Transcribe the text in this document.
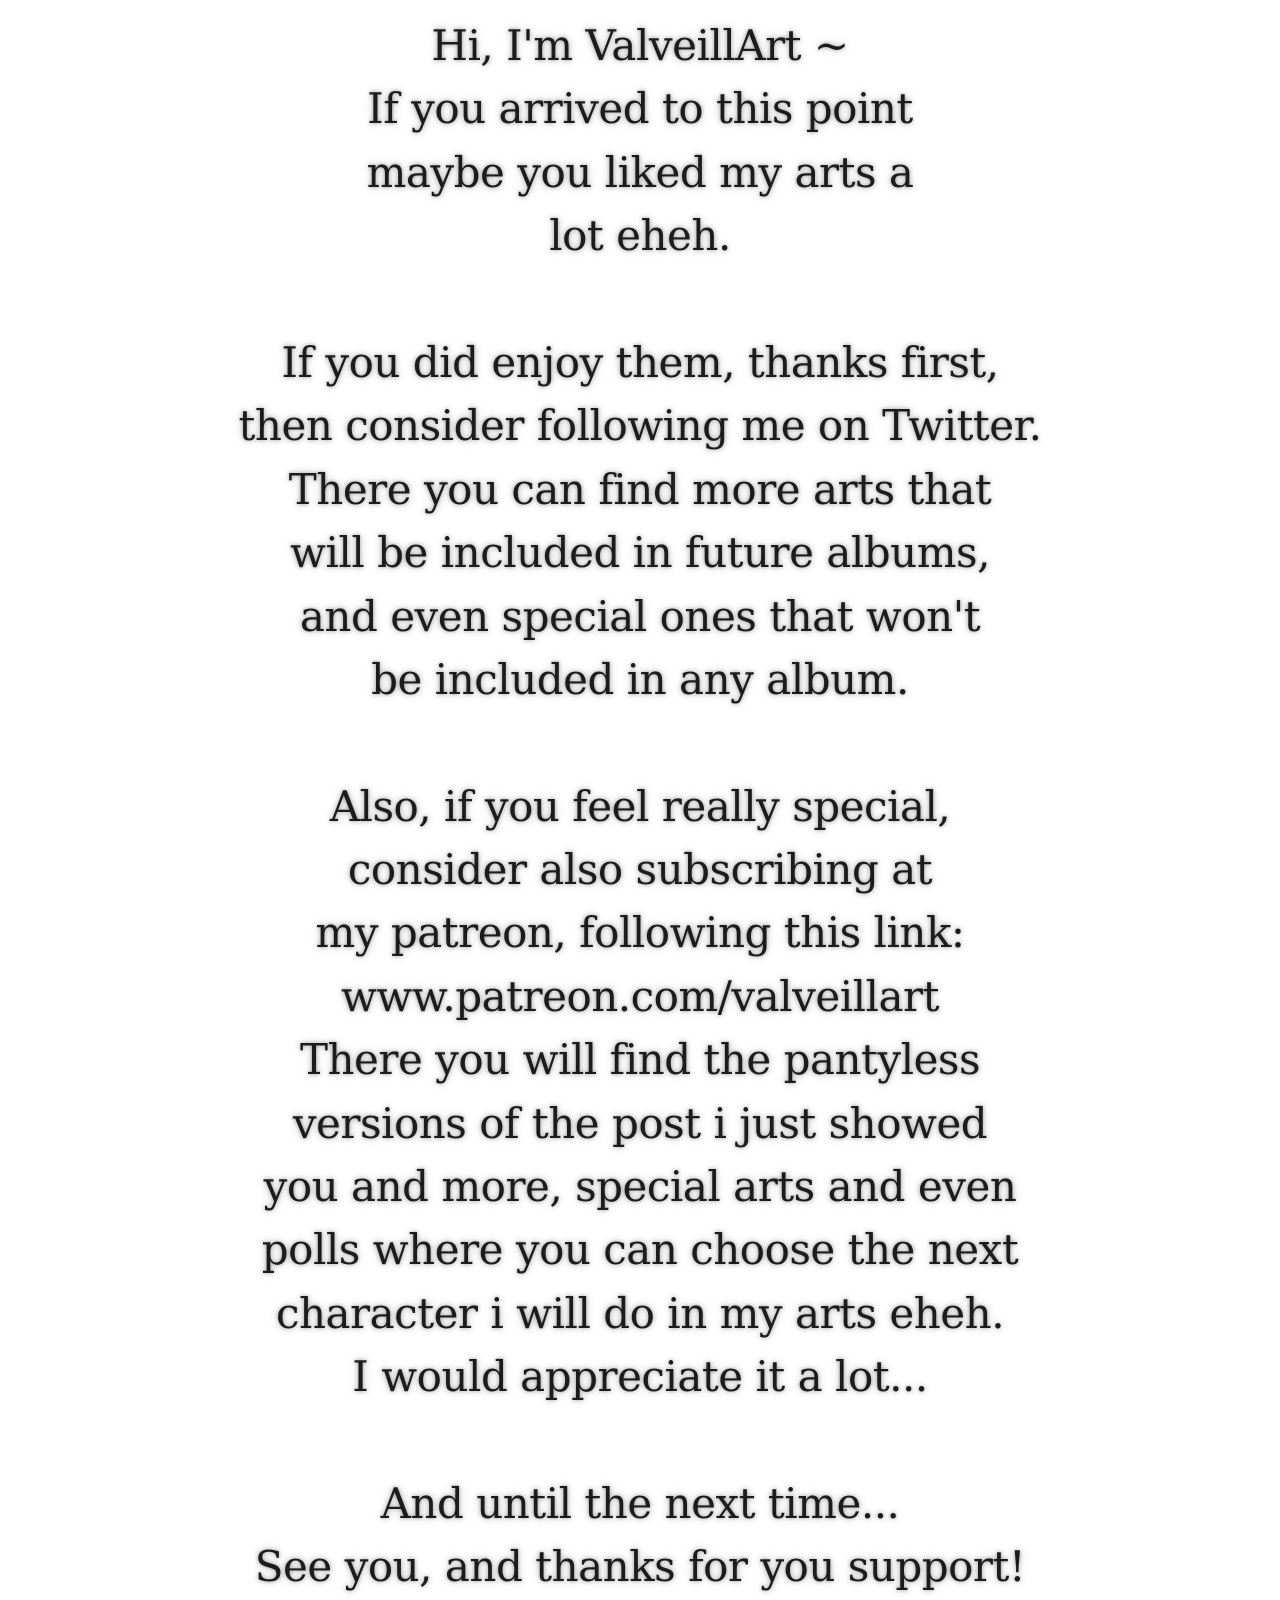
Hi, I'm ValveillArt ~
If you arrived to this point
maybe you liked my arts a
lot eheh.
If you did enjoy them, thanks first,
then consider following me on Twitter.
There you can find more arts that
will be included in future albums,
and even special ones that won't
be included in any album.
Also, if you feel really special,
consider also subscribing at
my patreon, following this link:
www.patreon.com/valveillart
There you will find the pantyless
versions of the post i just showed
you and more, special arts and even
polls where you can choose the next
character i will do in my arts eheh.
I would appreciate it a lot...
And until the next time...
See you, and thanks for you support!
